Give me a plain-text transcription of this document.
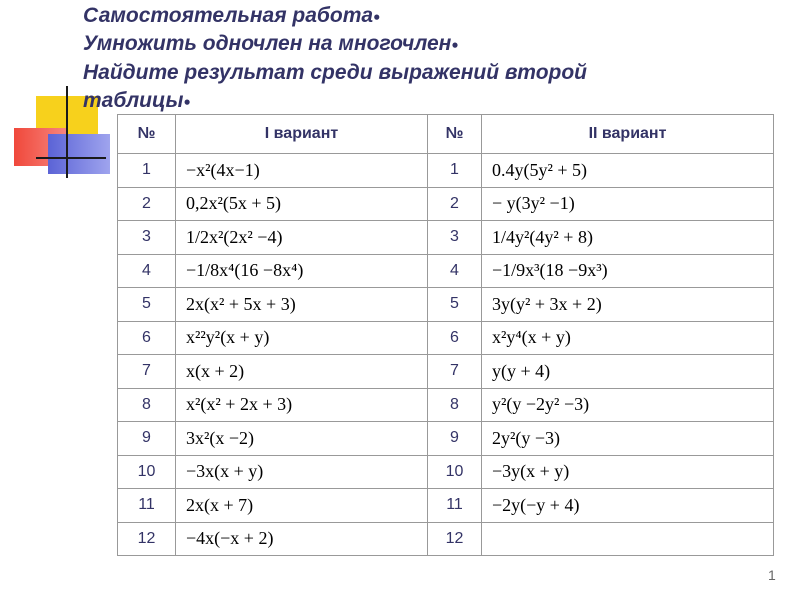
Самостоятельная работа●
Умножить одночлен на многочлен●
Найдите результат среди выражений второй
таблицы●
№	I вариант	№	II вариант
1	−x²(4x−1)	1	0.4y(5y² + 5)
2	0,2x²(5x + 5)	2	− y(3y² −1)
3	1/2x²(2x² −4)	3	1/4y²(4y² + 8)
4	−1/8x⁴(16 −8x⁴)	4	−1/9x³(18 −9x³)
5	2x(x² + 5x + 3)	5	3y(y² + 3x + 2)
6	x²²y²(x + y)	6	x²y⁴(x + y)
7	x(x + 2)	7	y(y + 4)
8	x²(x² + 2x + 3)	8	y²(y −2y² −3)
9	3x²(x −2)	9	2y²(y −3)
10	−3x(x + y)	10	−3y(x + y)
11	2x(x + 7)	11	−2y(−y + 4)
12	−4x(−x + 2)	12	
1
